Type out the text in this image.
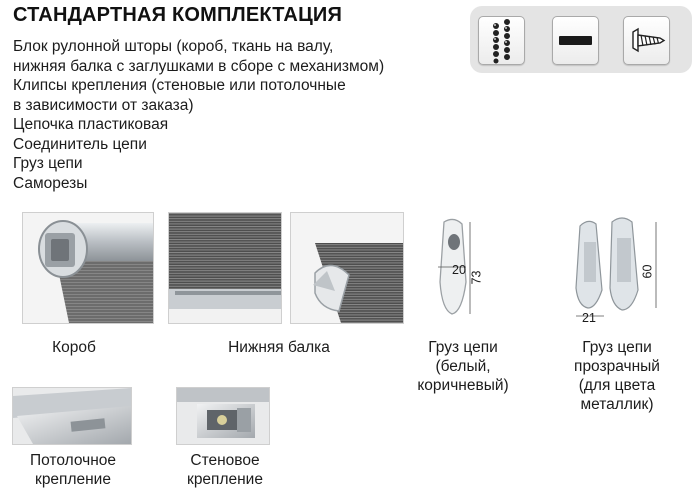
СТАНДАРТНАЯ КОМПЛЕКТАЦИЯ
Блок рулонной шторы (короб, ткань на валу,
нижняя балка с заглушками в сборе с механизмом)
Клипсы крепления (стеновые или потолочные
в зависимости от заказа)
Цепочка пластиковая
Соединитель цепи
Груз цепи
Саморезы
20
73
21
60
Короб	Нижняя балка	Груз цепи
(белый,
коричневый)
Груз цепи
прозрачный
(для цвета
металлик)
Потолочное
крепление
Стеновое
крепление
